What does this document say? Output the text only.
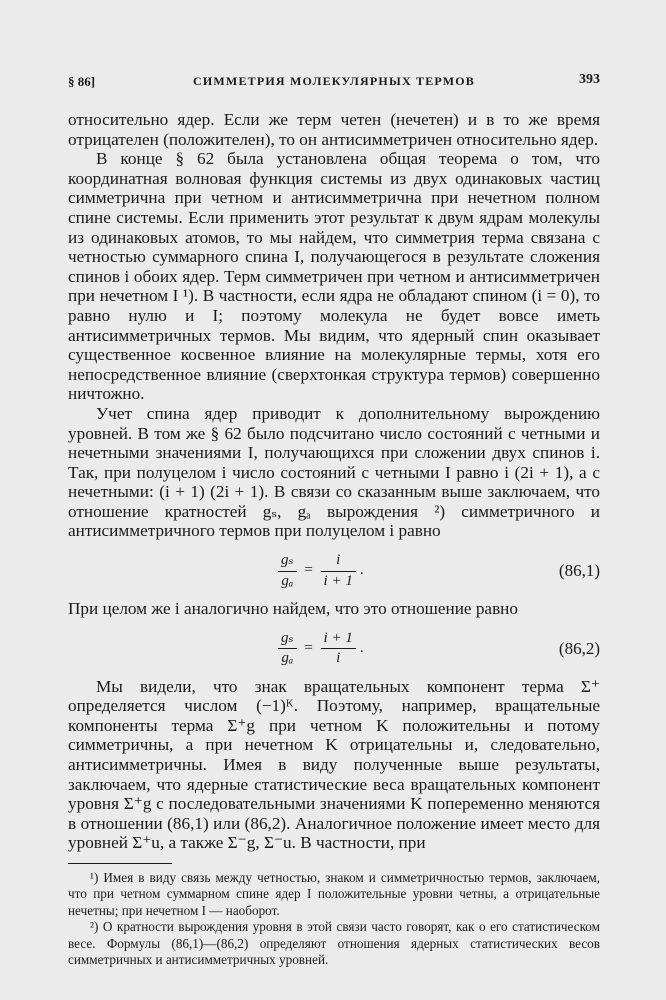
§ 86]	СИММЕТРИЯ МОЛЕКУЛЯРНЫХ ТЕРМОВ	393

относительно ядер. Если же терм четен (нечетен) и в то же время отрицателен (положителен), то он антисимметричен относительно ядер.

В конце § 62 была установлена общая теорема о том, что координатная волновая функция системы из двух одинаковых частиц симметрична при четном и антисимметрична при нечетном полном спине системы. Если применить этот результат к двум ядрам молекулы из одинаковых атомов, то мы найдем, что симметрия терма связана с четностью суммарного спина I, получающегося в результате сложения спинов i обоих ядер. Терм симметричен при четном и антисимметричен при нечетном I ¹). В частности, если ядра не обладают спином (i = 0), то равно нулю и I; поэтому молекула не будет вовсе иметь антисимметричных термов. Мы видим, что ядерный спин оказывает существенное косвенное влияние на молекулярные термы, хотя его непосредственное влияние (сверхтонкая структура термов) совершенно ничтожно.

Учет спина ядер приводит к дополнительному вырождению уровней. В том же § 62 было подсчитано число состояний с четными и нечетными значениями I, получающихся при сложении двух спинов i. Так, при полуцелом i число состояний с четными I равно i (2i + 1), а с нечетными: (i + 1) (2i + 1). В связи со сказанным выше заключаем, что отношение кратностей gₛ, gₐ вырождения ²) симметричного и антисимметричного термов при полуцелом i равно

$\frac{\text{gₛ}}{\text{gₐ}} = \frac{i}{i + 1}$ .	(86,1)

При целом же i аналогично найдем, что это отношение равно

$\frac{\text{gₛ}}{\text{gₐ}} = \frac{i + 1}{i}$ .	(86,2)

Мы видели, что знак вращательных компонент терма Σ⁺ определяется числом (−1)ᴷ. Поэтому, например, вращательные компоненты терма Σ⁺g при четном K положительны и потому симметричны, а при нечетном K отрицательны и, следовательно, антисимметричны. Имея в виду полученные выше результаты, заключаем, что ядерные статистические веса вращательных компонент уровня Σ⁺g с последовательными значениями K попеременно меняются в отношении (86,1) или (86,2). Аналогичное положение имеет место для уровней Σ⁺u, а также Σ⁻g, Σ⁻u. В частности, при

¹) Имея в виду связь между четностью, знаком и симметричностью термов, заключаем, что при четном суммарном спине ядер I положительные уровни четны, а отрицательные нечетны; при нечетном I — наоборот.

²) О кратности вырождения уровня в этой связи часто говорят, как о его статистическом весе. Формулы (86,1)—(86,2) определяют отношения ядерных статистических весов симметричных и антисимметричных уровней.
